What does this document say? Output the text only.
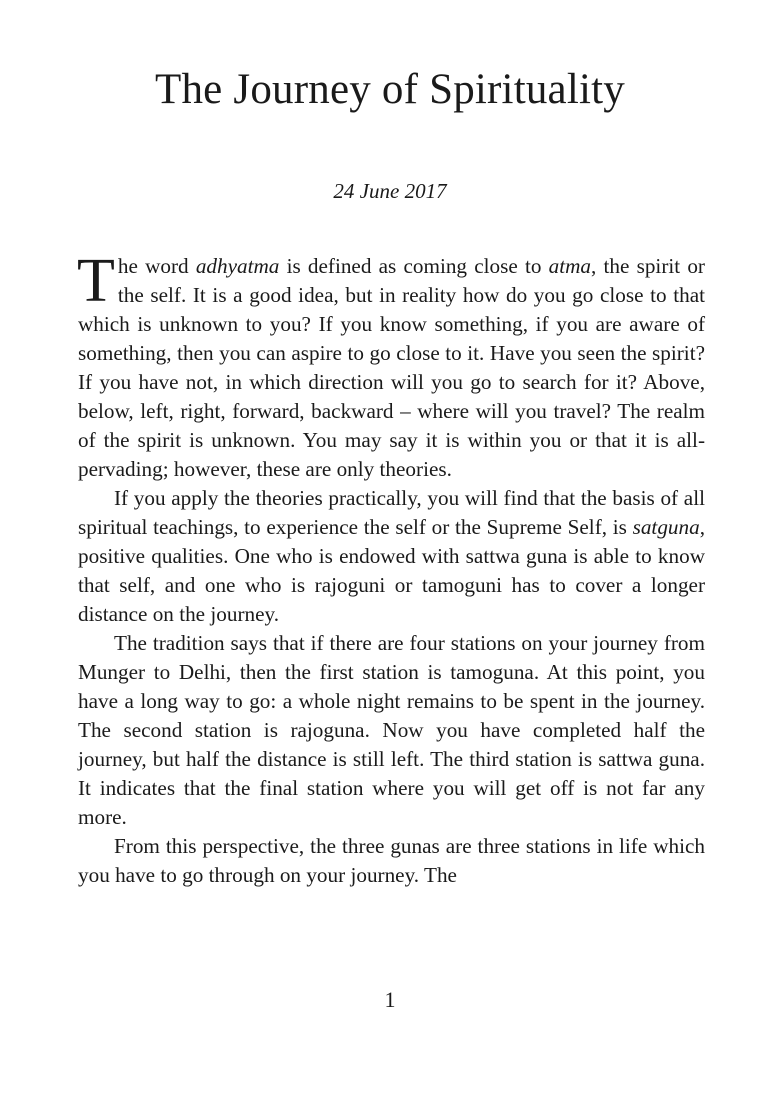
The Journey of Spirituality
24 June 2017

The word adhyatma is defined as coming close to atma, the spirit or the self. It is a good idea, but in reality how do you go close to that which is unknown to you? If you know something, if you are aware of something, then you can aspire to go close to it. Have you seen the spirit? If you have not, in which direction will you go to search for it? Above, below, left, right, forward, backward – where will you travel? The realm of the spirit is unknown. You may say it is within you or that it is all-pervading; however, these are only theories.

If you apply the theories practically, you will find that the basis of all spiritual teachings, to experience the self or the Supreme Self, is satguna, positive qualities. One who is endowed with sattwa guna is able to know that self, and one who is rajoguni or tamoguni has to cover a longer distance on the journey.

The tradition says that if there are four stations on your journey from Munger to Delhi, then the first station is tamoguna. At this point, you have a long way to go: a whole night remains to be spent in the journey. The second station is rajoguna. Now you have completed half the journey, but half the distance is still left. The third station is sattwa guna. It indicates that the final station where you will get off is not far any more.

From this perspective, the three gunas are three stations in life which you have to go through on your journey. The

1
